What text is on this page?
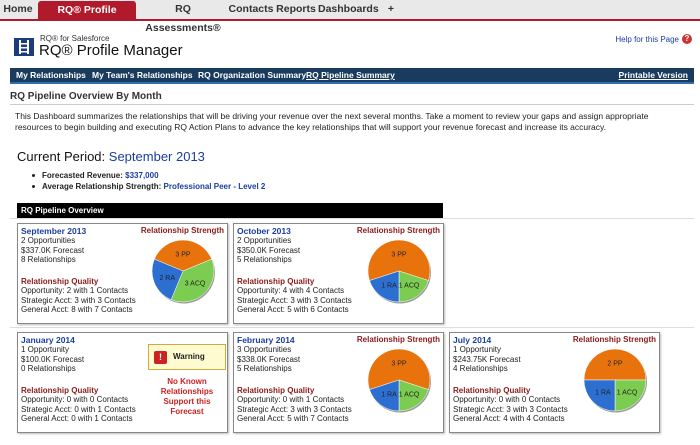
Home	RQ® Profile Manager
RQ Assessments®
Contacts Reports Dashboards +
RQ® for Salesforce
RQ® Profile Manager
Help for this Page ?
My Relationships My Team's Relationships RQ Organization Summary RQ Pipeline Summary	Printable Version
RQ Pipeline Overview By Month
This Dashboard summarizes the relationships that will be driving your revenue over the next several months. Take a moment to review your gaps and assign appropriate resources to begin building and executing RQ Action Plans to advance the key relationships that will support your revenue forecast and increase its accuracy.
Current Period: September 2013
Forecasted Revenue: $337,000
Average Relationship Strength: Professional Peer - Level 2
RQ Pipeline Overview
September 2013	Relationship Strength
2 Opportunities
$337.0K Forecast
8 Relationships
Relationship Quality
Opportunity: 2 with 1 Contacts
Strategic Acct: 3 with 3 Contacts
General Acct: 8 with 7 Contacts
3 PP
3 ACQ
2 RA
October 2013	Relationship Strength
2 Opportunities
$350.0K Forecast
5 Relationships
Relationship Quality
Opportunity: 4 with 4 Contacts
Strategic Acct: 3 with 3 Contacts
General Acct: 5 with 6 Contacts
3 PP
1 ACQ
1 RA
January 2014
1 Opportunity
$100.0K Forecast
0 Relationships
Relationship Quality
Opportunity: 0 with 0 Contacts
Strategic Acct: 0 with 1 Contacts
General Acct: 0 with 1 Contacts
!	Warning
No Known Relationships Support this Forecast
February 2014	Relationship Strength
3 Opportunities
$338.0K Forecast
5 Relationships
Relationship Quality
Opportunity: 0 with 1 Contacts
Strategic Acct: 3 with 3 Contacts
General Acct: 5 with 7 Contacts
3 PP
1 ACQ
1 RA
July 2014	Relationship Strength
1 Opportunity
$243.75K Forecast
4 Relationships
Relationship Quality
Opportunity: 0 with 0 Contacts
Strategic Acct: 3 with 3 Contacts
General Acct: 4 with 4 Contacts
2 PP
1 ACQ
1 RA
